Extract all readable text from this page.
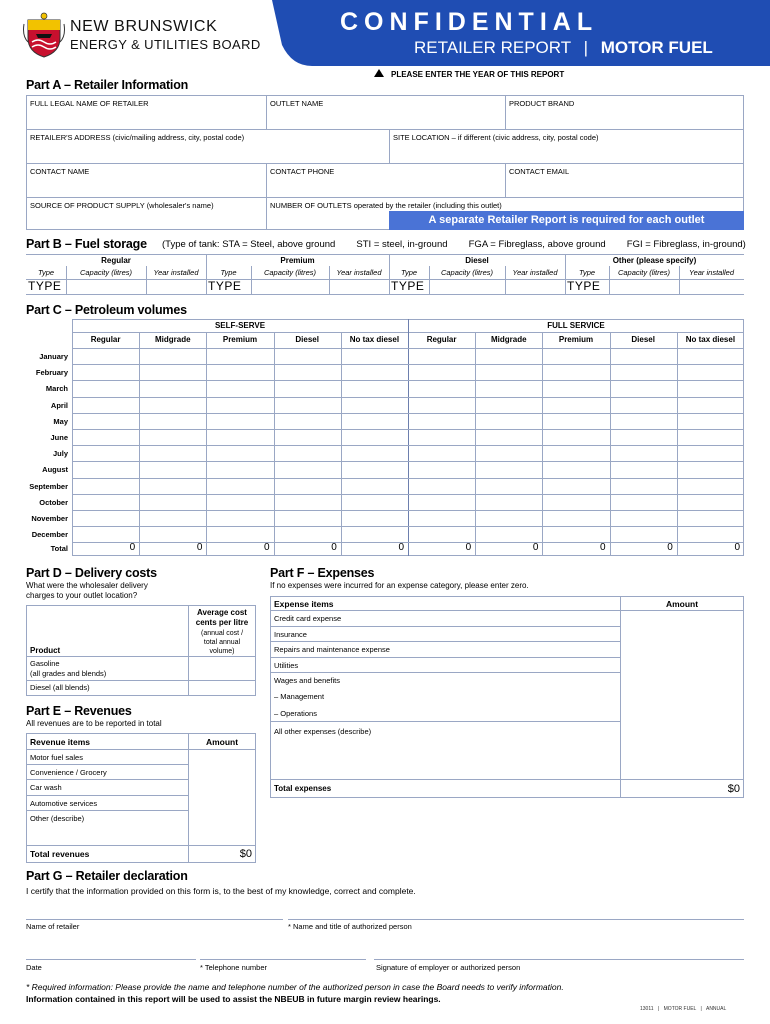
NEW BRUNSWICK
ENERGY & UTILITIES BOARD
CONFIDENTIAL
RETAILER REPORT | MOTOR FUEL
PLEASE ENTER THE YEAR OF THIS REPORT
Part A – Retailer Information
FULL LEGAL NAME OF RETAILER	OUTLET NAME	PRODUCT BRAND
RETAILER'S ADDRESS (civic/mailing address, city, postal code)	SITE LOCATION – if different (civic address, city, postal code)
CONTACT NAME	CONTACT PHONE	CONTACT EMAIL
SOURCE OF PRODUCT SUPPLY (wholesaler's name)	NUMBER OF OUTLETS operated by the retailer (including this outlet)
A separate Retailer Report is required for each outlet
Part B – Fuel storage (Type of tank: STA = Steel, above ground        STI = steel, in-ground        FGA = Fibreglass, above ground        FGI = Fibreglass, in-ground)
Regular
Type	Capacity (litres)	Year installed
TYPE
Premium
Type	Capacity (litres)	Year installed
TYPE
Diesel
Type	Capacity (litres)	Year installed
TYPE
Other (please specify)
Type	Capacity (litres)	Year installed
TYPE
Part C – Petroleum volumes
SELF-SERVE	FULL SERVICE
Regular	Midgrade	Premium	Diesel	No tax diesel	Regular	Midgrade	Premium	Diesel	No tax diesel
January
February
March
April
May
June
July
August
September
October
November
December
Total	0	0	0	0	0	0	0	0	0	0
Part D – Delivery costs
What were the wholesaler delivery
charges to your outlet location?
Product
Average cost
cents per litre
(annual cost /
total annual
volume)
Gasoline
(all grades and blends)
Diesel (all blends)
Part E – Revenues
All revenues are to be reported in total
Revenue items	Amount
Motor fuel sales
Convenience / Grocery
Car wash
Automotive services
Other (describe)
Total revenues	$0
Part F – Expenses
If no expenses were incurred for an expense category, please enter zero.
Expense items	Amount
Credit card expense
Insurance
Repairs and maintenance expense
Utilities
Wages and benefits
– Management
– Operations
All other expenses (describe)
Total expenses	$0
Part G – Retailer declaration
I certify that the information provided on this form is, to the best of my knowledge, correct and complete.
Name of retailer	* Name and title of authorized person
Date	* Telephone number	Signature of employer or authorized person
* Required information: Please provide the name and telephone number of the authorized person in case the Board needs to verify information.
Information contained in this report will be used to assist the NBEUB in future margin review hearings.
13011 | MOTOR FUEL | ANNUAL
